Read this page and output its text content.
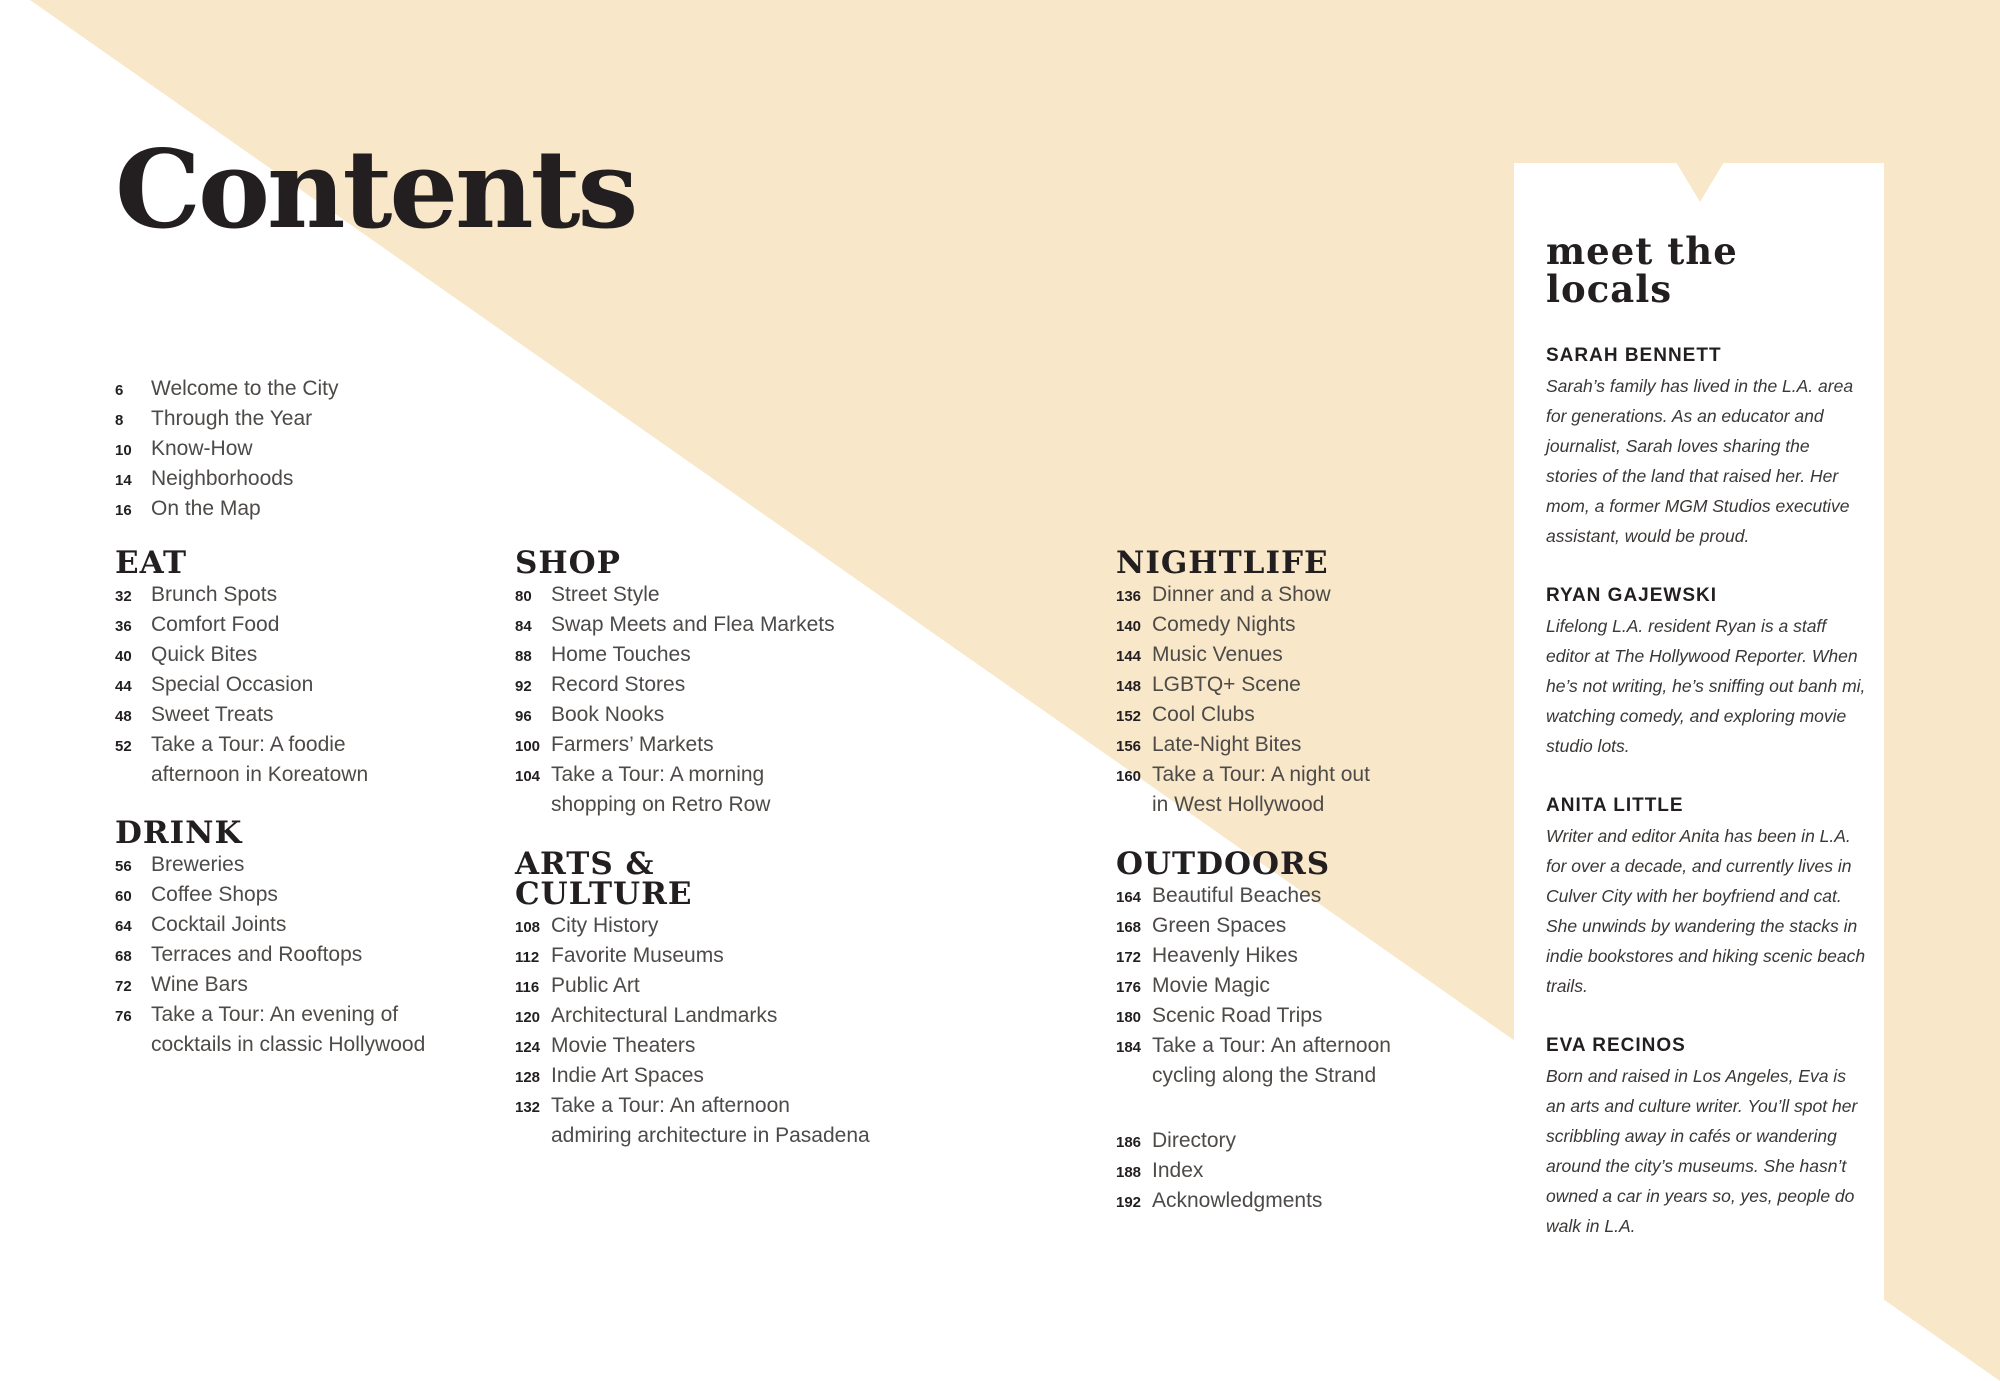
Contents
6	Welcome to the City
8	Through the Year
10 Know-How
14 Neighborhoods
16 On the Map
EAT
32 Brunch Spots
36 Comfort Food
40 Quick Bites
44 Special Occasion
48 Sweet Treats
52 Take a Tour: A foodie
afternoon in Koreatown
DRINK
56 Breweries
60 Coffee Shops
64 Cocktail Joints
68 Terraces and Rooftops
72 Wine Bars
76 Take a Tour: An evening of
cocktails in classic Hollywood
SHOP
80 Street Style
84 Swap Meets and Flea Markets
88 Home Touches
92 Record Stores
96 Book Nooks
100 Farmers’ Markets
104 Take a Tour: A morning
shopping on Retro Row
ARTS &
CULTURE
108 City History
112 Favorite Museums
116 Public Art
120 Architectural Landmarks
124 Movie Theaters
128 Indie Art Spaces
132 Take a Tour: An afternoon
admiring architecture in Pasadena
NIGHTLIFE
136 Dinner and a Show
140 Comedy Nights
144 Music Venues
148 LGBTQ+ Scene
152 Cool Clubs
156 Late-Night Bites
160 Take a Tour: A night out
in West Hollywood
OUTDOORS
164 Beautiful Beaches
168 Green Spaces
172 Heavenly Hikes
176 Movie Magic
180 Scenic Road Trips
184 Take a Tour: An afternoon
cycling along the Strand
186 Directory
188 Index
192 Acknowledgments
meet the
locals
SARAH BENNETT

Sarah’s family has lived in the L.A. area for generations. As an educator and journalist, Sarah loves sharing the stories of the land that raised her. Her mom, a former MGM Studios executive assistant, would be proud.

RYAN GAJEWSKI

Lifelong L.A. resident Ryan is a staff editor at The Hollywood Reporter. When he’s not writing, he’s sniffing out banh mi, watching comedy, and exploring movie studio lots.

ANITA LITTLE

Writer and editor Anita has been in L.A. for over a decade, and currently lives in Culver City with her boyfriend and cat. She unwinds by wandering the stacks in indie bookstores and hiking scenic beach trails.

EVA RECINOS

Born and raised in Los Angeles, Eva is an arts and culture writer. You’ll spot her scribbling away in cafés or wandering around the city’s museums. She hasn’t owned a car in years so, yes, people do walk in L.A.
